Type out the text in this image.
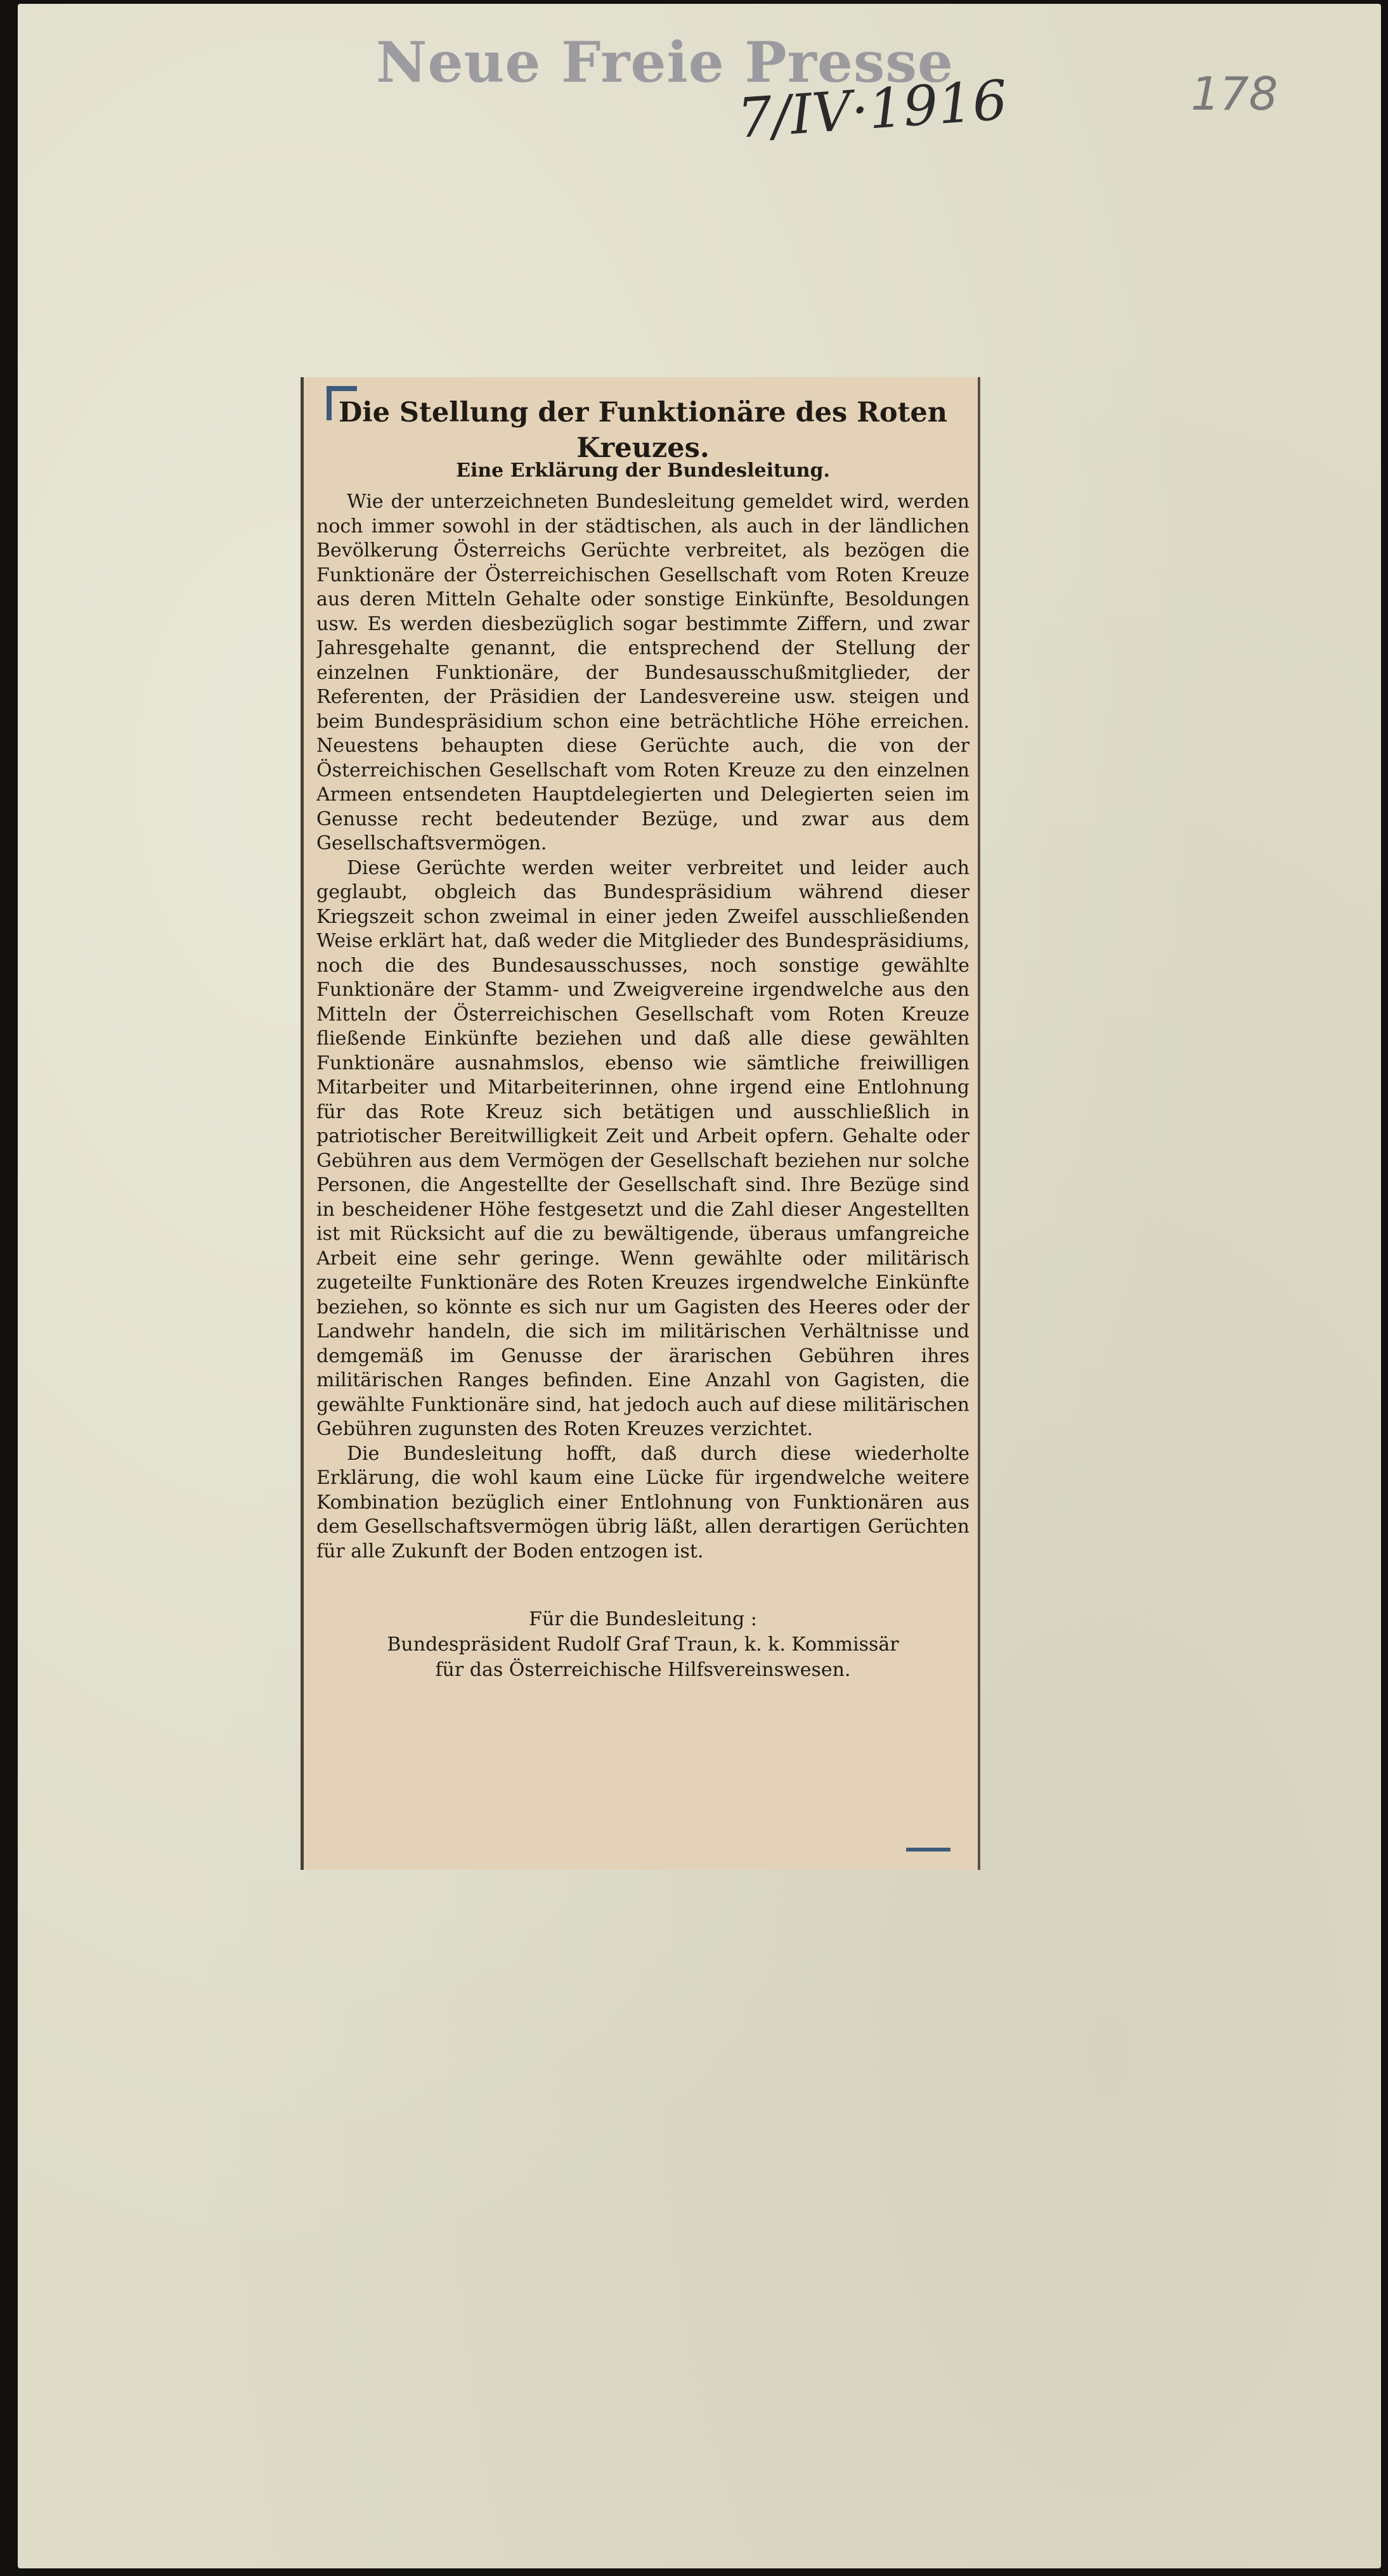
Neue Freie Presse
7/IV·1916	178
Die Stellung der Funktionäre des Roten Kreuzes.
Eine Erklärung der Bundesleitung.

Wie der unterzeichneten Bundesleitung gemeldet wird, werden noch immer sowohl in der städtischen, als auch in der ländlichen Bevölkerung Österreichs Gerüchte verbreitet, als bezögen die Funktionäre der Österreichischen Gesellschaft vom Roten Kreuze aus deren Mitteln Gehalte oder sonstige Einkünfte, Besoldungen usw. Es werden diesbezüglich sogar bestimmte Ziffern, und zwar Jahresgehalte genannt, die entsprechend der Stellung der einzelnen Funktionäre, der Bundesausschußmitglieder, der Referenten, der Präsidien der Landesvereine usw. steigen und beim Bundespräsidium schon eine beträchtliche Höhe erreichen. Neuestens behaupten diese Gerüchte auch, die von der Österreichischen Gesellschaft vom Roten Kreuze zu den einzelnen Armeen entsendeten Hauptdelegierten und Delegierten seien im Genusse recht bedeutender Bezüge, und zwar aus dem Gesellschaftsvermögen.

Diese Gerüchte werden weiter verbreitet und leider auch geglaubt, obgleich das Bundespräsidium während dieser Kriegszeit schon zweimal in einer jeden Zweifel ausschließenden Weise erklärt hat, daß weder die Mitglieder des Bundespräsidiums, noch die des Bundesausschusses, noch sonstige gewählte Funktionäre der Stamm- und Zweigvereine irgendwelche aus den Mitteln der Österreichischen Gesellschaft vom Roten Kreuze fließende Einkünfte beziehen und daß alle diese gewählten Funktionäre ausnahmslos, ebenso wie sämtliche freiwilligen Mitarbeiter und Mitarbeiterinnen, ohne irgend eine Entlohnung für das Rote Kreuz sich betätigen und ausschließlich in patriotischer Bereitwilligkeit Zeit und Arbeit opfern. Gehalte oder Gebühren aus dem Vermögen der Gesellschaft beziehen nur solche Personen, die Angestellte der Gesellschaft sind. Ihre Bezüge sind in bescheidener Höhe festgesetzt und die Zahl dieser Angestellten ist mit Rücksicht auf die zu bewältigende, überaus umfangreiche Arbeit eine sehr geringe. Wenn gewählte oder militärisch zugeteilte Funktionäre des Roten Kreuzes irgendwelche Einkünfte beziehen, so könnte es sich nur um Gagisten des Heeres oder der Landwehr handeln, die sich im militärischen Verhältnisse und demgemäß im Genusse der ärarischen Gebühren ihres militärischen Ranges befinden. Eine Anzahl von Gagisten, die gewählte Funktionäre sind, hat jedoch auch auf diese militärischen Gebühren zugunsten des Roten Kreuzes verzichtet.

Die Bundesleitung hofft, daß durch diese wiederholte Erklärung, die wohl kaum eine Lücke für irgendwelche weitere Kombination bezüglich einer Entlohnung von Funktionären aus dem Gesellschaftsvermögen übrig läßt, allen derartigen Gerüchten für alle Zukunft der Boden entzogen ist.

Für die Bundesleitung :
Bundespräsident Rudolf Graf Traun, k. k. Kommissär
für das Österreichische Hilfsvereinswesen.
